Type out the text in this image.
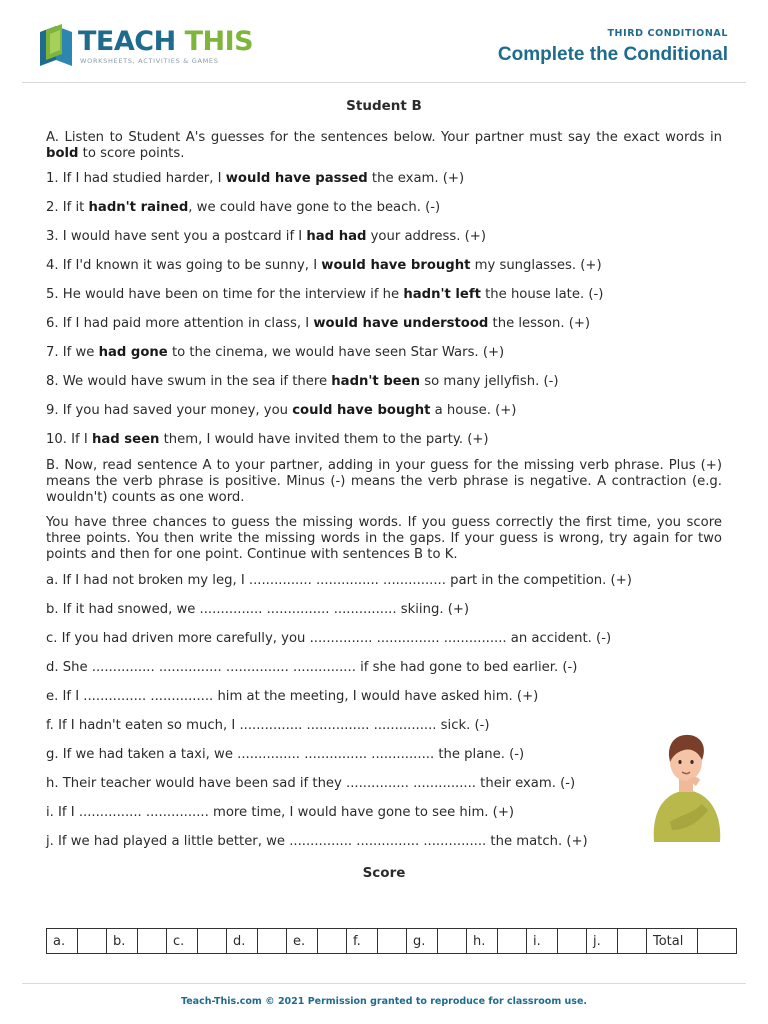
TEACH THIS
WORKSHEETS, ACTIVITIES & GAMES
THIRD CONDITIONAL
Complete the Conditional
Student B

A. Listen to Student A's guesses for the sentences below. Your partner must say the exact words in bold to score points.

1. If I had studied harder, I would have passed the exam. (+)

2. If it hadn't rained, we could have gone to the beach. (-)

3. I would have sent you a postcard if I had had your address. (+)

4. If I'd known it was going to be sunny, I would have brought my sunglasses. (+)

5. He would have been on time for the interview if he hadn't left the house late. (-)

6. If I had paid more attention in class, I would have understood the lesson. (+)

7. If we had gone to the cinema, we would have seen Star Wars. (+)

8. We would have swum in the sea if there hadn't been so many jellyfish. (-)

9. If you had saved your money, you could have bought a house. (+)

10. If I had seen them, I would have invited them to the party. (+)

B. Now, read sentence A to your partner, adding in your guess for the missing verb phrase. Plus (+) means the verb phrase is positive. Minus (-) means the verb phrase is negative. A contraction (e.g. wouldn't) counts as one word.

You have three chances to guess the missing words. If you guess correctly the first time, you score three points. You then write the missing words in the gaps. If your guess is wrong, try again for two points and then for one point. Continue with sentences B to K.

a. If I had not broken my leg, I ............... ............... ............... part in the competition. (+)

b. If it had snowed, we ............... ............... ............... skiing. (+)

c. If you had driven more carefully, you ............... ............... ............... an accident. (-)

d. She ............... ............... ............... ............... if she had gone to bed earlier. (-)

e. If I ............... ............... him at the meeting, I would have asked him. (+)

f. If I hadn't eaten so much, I ............... ............... ............... sick. (-)

g. If we had taken a taxi, we ............... ............... ............... the plane. (-)

h. Their teacher would have been sad if they ............... ............... their exam. (-)

i. If I ............... ............... more time, I would have gone to see him. (+)

j. If we had played a little better, we ............... ............... ............... the match. (+)

Score
a.		b.		c.		d.		e.		f.		g.		h.		i.		j.		Total	
Teach-This.com © 2021 Permission granted to reproduce for classroom use.
